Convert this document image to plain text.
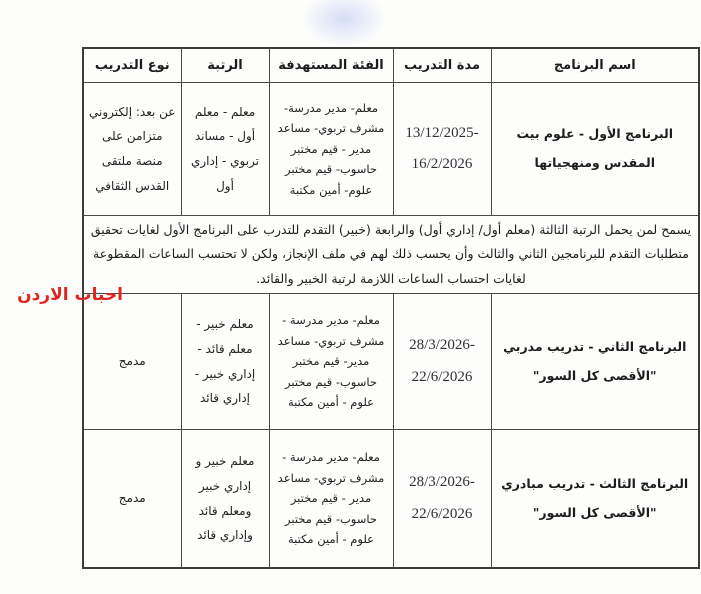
احباب الاردن
اسم البرنامج	مدة التدريب	الفئة المستهدفة	الرتبة	نوع التدريب
البرنامج الأول - علوم بيت المقدس ومنهجياتها	13/12/2025- 16/2/2026	معلم- مدير مدرسة- مشرف تربوي- مساعد مدير - قيم مختبر حاسوب- قيم مختبر علوم- أمين مكتبة	معلم - معلم أول - مساند تربوي - إداري أول	عن بعد: إلكتروني متزامن على منصة ملتقى القدس الثقافي
يسمح لمن يحمل الرتبة الثالثة (معلم أول/ إداري أول) والرابعة (خبير) التقدم للتدرب على البرنامج الأول لغايات تحقيق متطلبات التقدم للبرنامجين الثاني والثالث وأن يحسب ذلك لهم في ملف الإنجاز، ولكن لا تحتسب الساعات المقطوعة لغايات احتساب الساعات اللازمة لرتبة الخبير والقائد.				
البرنامج الثاني - تدريب مدربي "الأقصى كل السور"	28/3/2026- 22/6/2026	معلم- مدير مدرسة - مشرف تربوي- مساعد مدير- قيم مختبر حاسوب- قيم مختبر علوم - أمين مكتبة	معلم خبير - معلم قائد - إداري خبير - إداري قائد	مدمج
البرنامج الثالث - تدريب مبادري "الأقصى كل السور"	28/3/2026- 22/6/2026	معلم- مدير مدرسة - مشرف تربوي- مساعد مدير - قيم مختبر حاسوب- قيم مختبر علوم - أمين مكتبة	معلم خبير و إداري خبير ومعلم قائد وإداري قائد	مدمج
